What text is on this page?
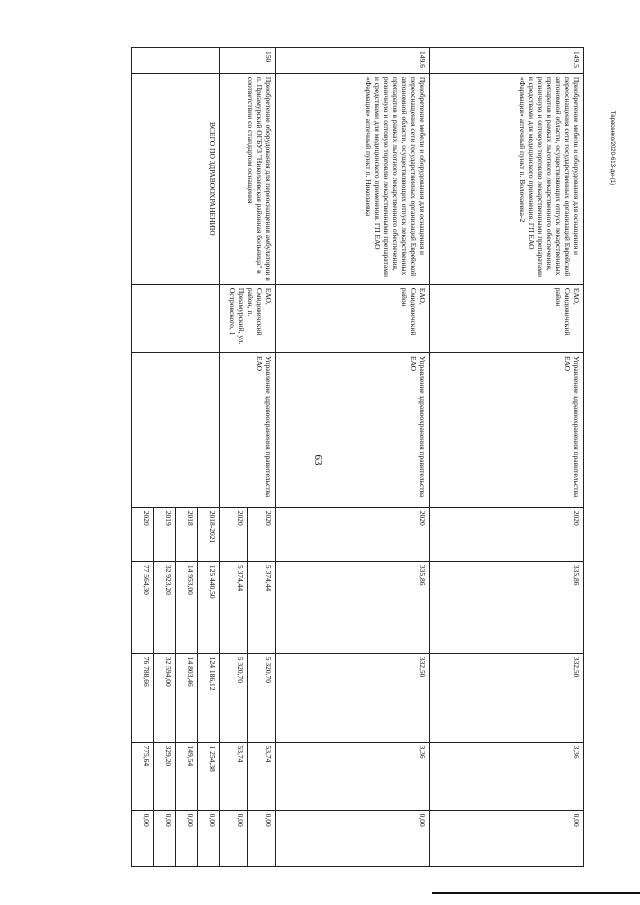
63
Тарасенко/2020-613-дн-(1)
149.5	Приобретение мебели и оборудования для оснащения и переоснащения сети государственных организаций Еврейской автономной области, осуществляющих отпуск лекарственных препаратов в рамках льготного лекарственного обеспечения, розничную и оптовую торговлю лекарственными препаратами и средствами для медицинского применения. ГП ЕАО «Фармация» аптечный пункт п. Волочаевка-2	ЕАО, Смидовичский район	Управление здравоохранения правительства ЕАО	2020	335,86	332,50	3,36	0,00
149.6	Приобретение мебели и оборудования для оснащения и переоснащения сети государственных организаций Еврейской автономной области, осуществляющих отпуск лекарственных препаратов в рамках льготного лекарственного обеспечения, розничную и оптовую торговлю лекарственными препаратами и средствами для медицинского применения. ГП ЕАО «Фармация» аптечный пункт п. Николаевка	ЕАО, Смидовичский район	Управление здравоохранения правительства ЕАО	2020	335,86	332,50	3,36	0,00
150	Приобретение оборудования для переоснащения амбулатории в п. Приамурский ОГБУЗ "Николаевская районная больница" в соответствии со стандартом оснащения	ЕАО, Смидовичский район, п. Приамурский, ул. Островского, 1	Управление здравоохранения правительства ЕАО	2020	5 374,44	5 320,70	53,74	0,00
				2020	5 374,44	5 320,70	53,74	0,00
	ВСЕГО ПО ЗДРАВООХРАНЕНИЮ			2018-2021	125 440,50	124 186,12	1 254,38	0,00
				2018	14 953,00	14 803,46	149,54	0,00
				2019	32 923,20	32 594,00	329,20	0,00
				2020	77 564,30	76 788,66	775,64	0,00
